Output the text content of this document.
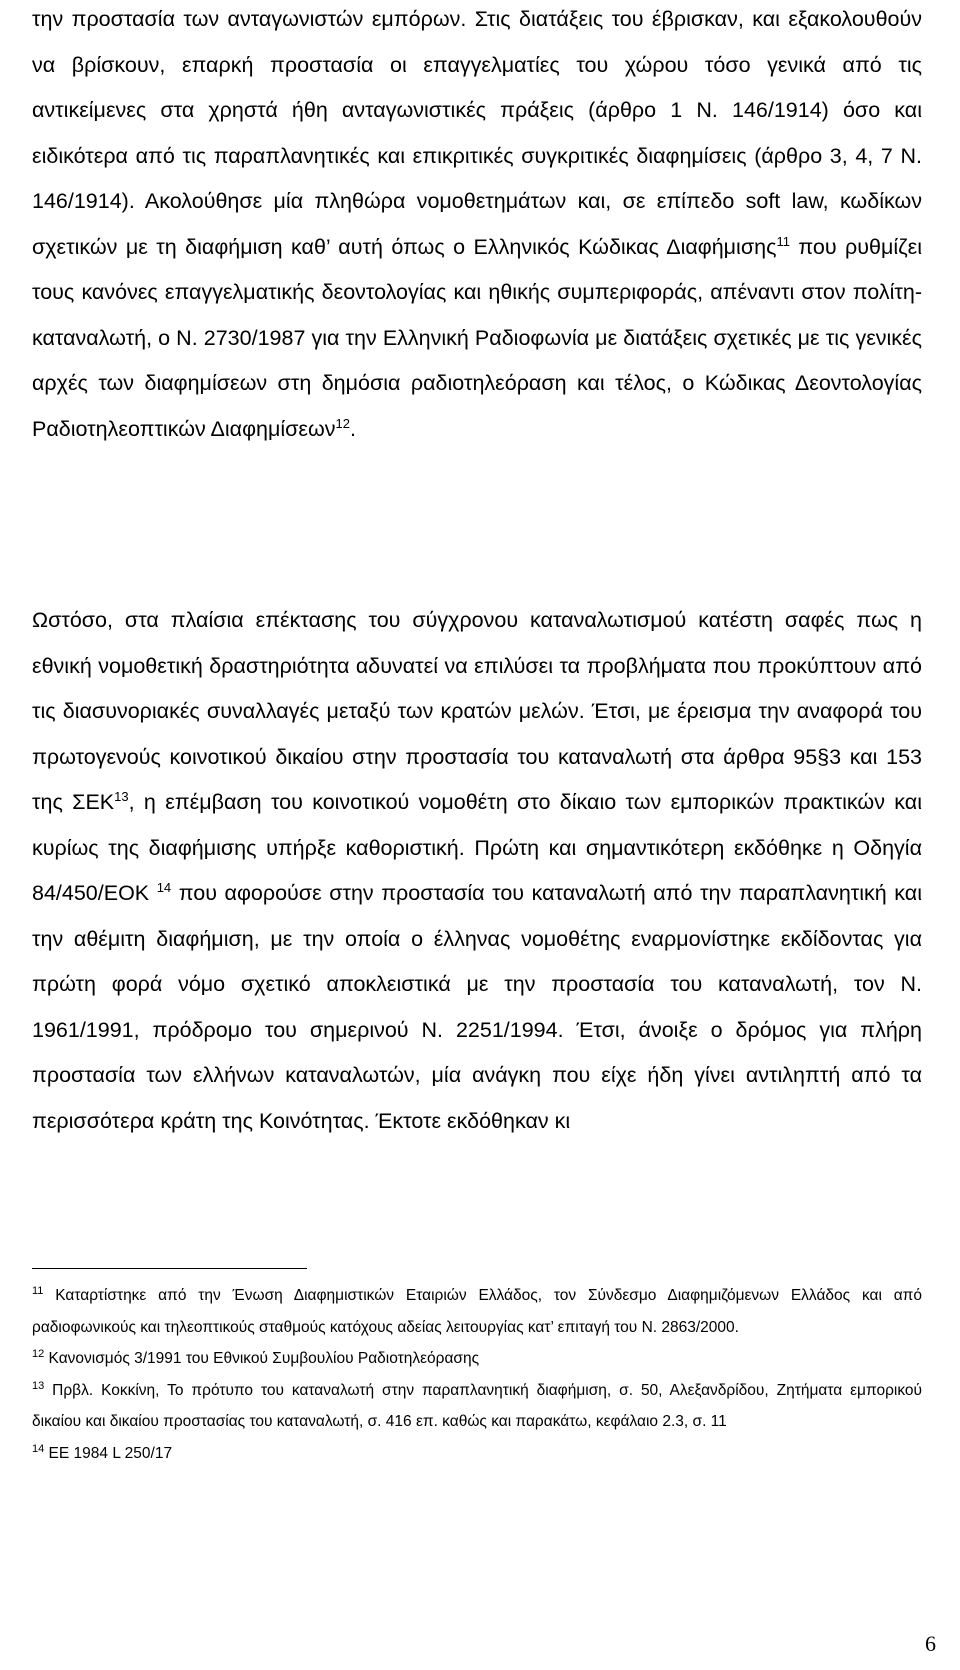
την προστασία των ανταγωνιστών εμπόρων. Στις διατάξεις του έβρισκαν, και εξακολουθούν να βρίσκουν, επαρκή προστασία οι επαγγελματίες του χώρου τόσο γενικά από τις αντικείμενες στα χρηστά ήθη ανταγωνιστικές πράξεις (άρθρο 1 Ν. 146/1914) όσο και ειδικότερα από τις παραπλανητικές και επικριτικές συγκριτικές διαφημίσεις (άρθρο 3, 4, 7 Ν. 146/1914). Ακολούθησε μία πληθώρα νομοθετημάτων και, σε επίπεδο soft law, κωδίκων σχετικών με τη διαφήμιση καθ’ αυτή όπως ο Ελληνικός Κώδικας Διαφήμισης$^{11}$ που ρυθμίζει τους κανόνες επαγγελματικής δεοντολογίας και ηθικής συμπεριφοράς, απέναντι στον πολίτη-καταναλωτή, ο Ν. 2730/1987 για την Ελληνική Ραδιοφωνία με διατάξεις σχετικές με τις γενικές αρχές των διαφημίσεων στη δημόσια ραδιοτηλεόραση και τέλος, ο Κώδικας Δεοντολογίας Ραδιοτηλεοπτικών Διαφημίσεων$^{12}$.

Ωστόσο, στα πλαίσια επέκτασης του σύγχρονου καταναλωτισμού κατέστη σαφές πως η εθνική νομοθετική δραστηριότητα αδυνατεί να επιλύσει τα προβλήματα που προκύπτουν από τις διασυνοριακές συναλλαγές μεταξύ των κρατών μελών. Έτσι, με έρεισμα την αναφορά του πρωτογενούς κοινοτικού δικαίου στην προστασία του καταναλωτή στα άρθρα 95§3 και 153 της ΣΕΚ$^{13}$, η επέμβαση του κοινοτικού νομοθέτη στο δίκαιο των εμπορικών πρακτικών και κυρίως της διαφήμισης υπήρξε καθοριστική. Πρώτη και σημαντικότερη εκδόθηκε η Οδηγία 84/450/ΕΟΚ $^{14}$ που αφορούσε στην προστασία του καταναλωτή από την παραπλανητική και την αθέμιτη διαφήμιση, με την οποία ο έλληνας νομοθέτης εναρμονίστηκε εκδίδοντας για πρώτη φορά νόμο σχετικό αποκλειστικά με την προστασία του καταναλωτή, τον Ν. 1961/1991, πρόδρομο του σημερινού Ν. 2251/1994. Έτσι, άνοιξε ο δρόμος για πλήρη προστασία των ελλήνων καταναλωτών, μία ανάγκη που είχε ήδη γίνει αντιληπτή από τα περισσότερα κράτη της Κοινότητας. Έκτοτε εκδόθηκαν κι

$^{11}$ Καταρτίστηκε από την Ένωση Διαφημιστικών Εταιριών Ελλάδος, τον Σύνδεσμο Διαφημιζόμενων Ελλάδος και από ραδιοφωνικούς και τηλεοπτικούς σταθμούς κατόχους αδείας λειτουργίας κατ’ επιταγή του Ν. 2863/2000.

$^{12}$ Κανονισμός 3/1991 του Εθνικού Συμβουλίου Ραδιοτηλεόρασης

$^{13}$ Πρβλ. Κοκκίνη, Το πρότυπο του καταναλωτή στην παραπλανητική διαφήμιση, σ. 50, Αλεξανδρίδου, Ζητήματα εμπορικού δικαίου και δικαίου προστασίας του καταναλωτή, σ. 416 επ. καθώς και παρακάτω, κεφάλαιο 2.3, σ. 11

$^{14}$ ΕΕ 1984 L 250/17

6
